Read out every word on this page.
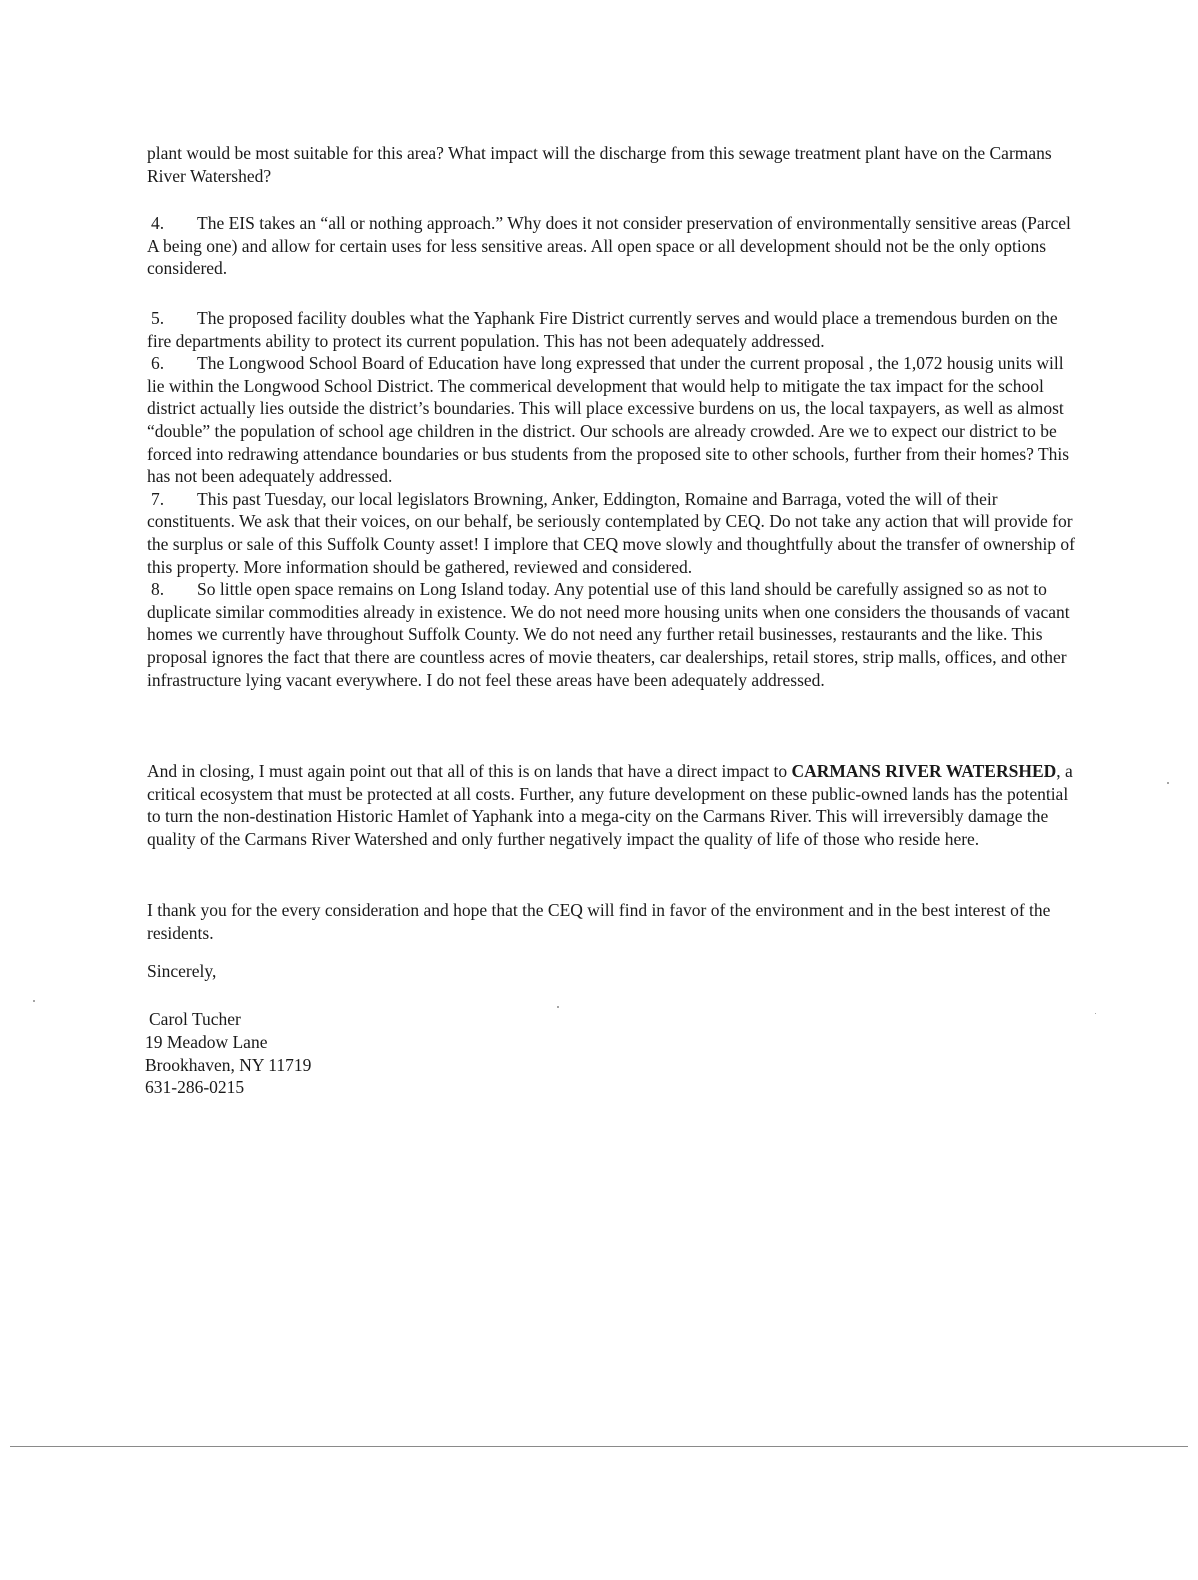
plant would be most suitable for this area? What impact will the discharge from this sewage treatment plant have on the Carmans River Watershed?

4. The EIS takes an “all or nothing approach.” Why does it not consider preservation of environmentally sensitive areas (Parcel A being one) and allow for certain uses for less sensitive areas. All open space or all development should not be the only options considered.
5. The proposed facility doubles what the Yaphank Fire District currently serves and would place a tremendous burden on the fire departments ability to protect its current population. This has not been adequately addressed.
6. The Longwood School Board of Education have long expressed that under the current proposal , the 1,072 housig units will lie within the Longwood School District. The commerical development that would help to mitigate the tax impact for the school district actually lies outside the district’s boundaries. This will place excessive burdens on us, the local taxpayers, as well as almost “double” the population of school age children in the district. Our schools are already crowded. Are we to expect our district to be forced into redrawing attendance boundaries or bus students from the proposed site to other schools, further from their homes? This has not been adequately addressed.
7. This past Tuesday, our local legislators Browning, Anker, Eddington, Romaine and Barraga, voted the will of their constituents. We ask that their voices, on our behalf, be seriously contemplated by CEQ. Do not take any action that will provide for the surplus or sale of this Suffolk County asset! I implore that CEQ move slowly and thoughtfully about the transfer of ownership of this property. More information should be gathered, reviewed and considered.
8. So little open space remains on Long Island today. Any potential use of this land should be carefully assigned so as not to duplicate similar commodities already in existence. We do not need more housing units when one considers the thousands of vacant homes we currently have throughout Suffolk County. We do not need any further retail businesses, restaurants and the like. This proposal ignores the fact that there are countless acres of movie theaters, car dealerships, retail stores, strip malls, offices, and other infrastructure lying vacant everywhere. I do not feel these areas have been adequately addressed.

And in closing, I must again point out that all of this is on lands that have a direct impact to CARMANS RIVER WATERSHED, a critical ecosystem that must be protected at all costs. Further, any future development on these public-owned lands has the potential to turn the non-destination Historic Hamlet of Yaphank into a mega-city on the Carmans River. This will irreversibly damage the quality of the Carmans River Watershed and only further negatively impact the quality of life of those who reside here.

I thank you for the every consideration and hope that the CEQ will find in favor of the environment and in the best interest of the residents.

Sincerely,

Carol Tucher
19 Meadow Lane
Brookhaven, NY 11719
631-286-0215
